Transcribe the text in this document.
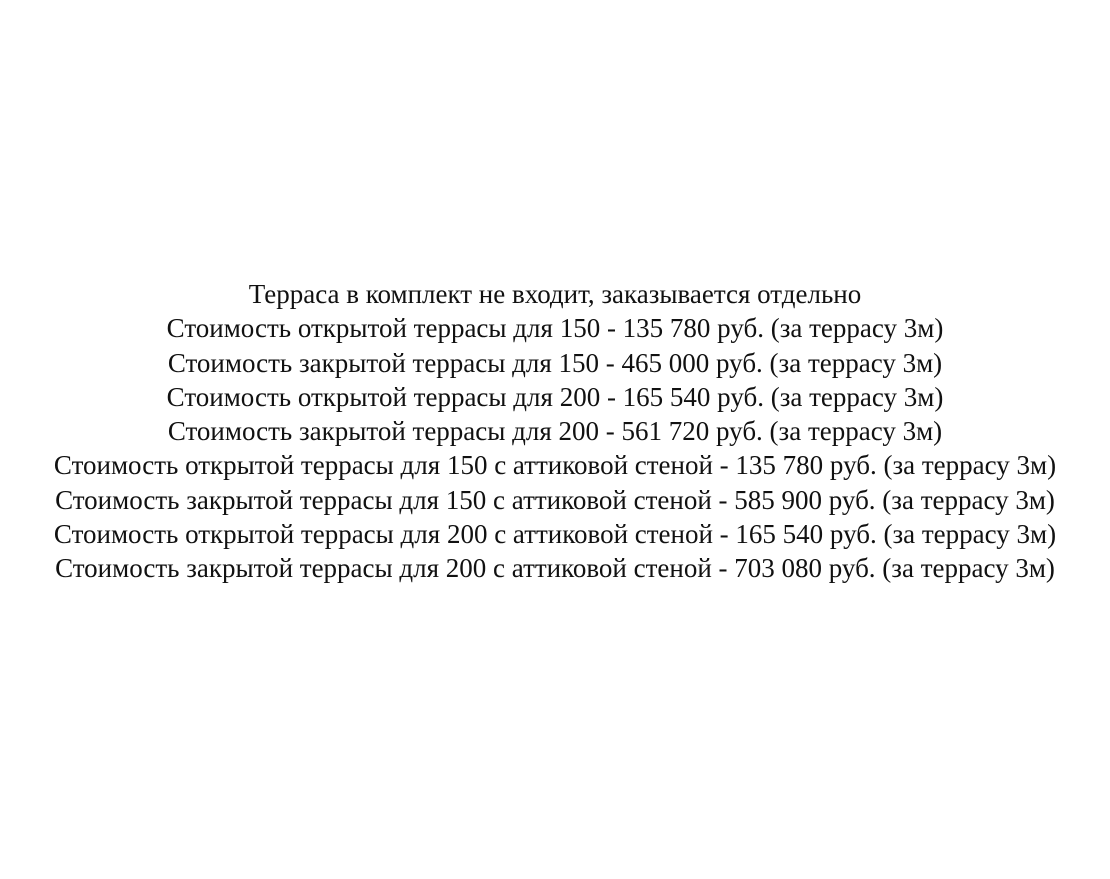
Терраса в комплект не входит, заказывается отдельно
Стоимость открытой террасы для 150 - 135 780 руб. (за террасу 3м)
Стоимость закрытой террасы для 150 - 465 000 руб. (за террасу 3м)
Стоимость открытой террасы для 200 - 165 540 руб. (за террасу 3м)
Стоимость закрытой террасы для 200 - 561 720 руб. (за террасу 3м)
Стоимость открытой террасы для 150 с аттиковой стеной - 135 780 руб. (за террасу 3м)
Стоимость закрытой террасы для 150 с аттиковой стеной - 585 900 руб. (за террасу 3м)
Стоимость открытой террасы для 200 с аттиковой стеной - 165 540 руб. (за террасу 3м)
Стоимость закрытой террасы для 200 с аттиковой стеной - 703 080 руб. (за террасу 3м)
